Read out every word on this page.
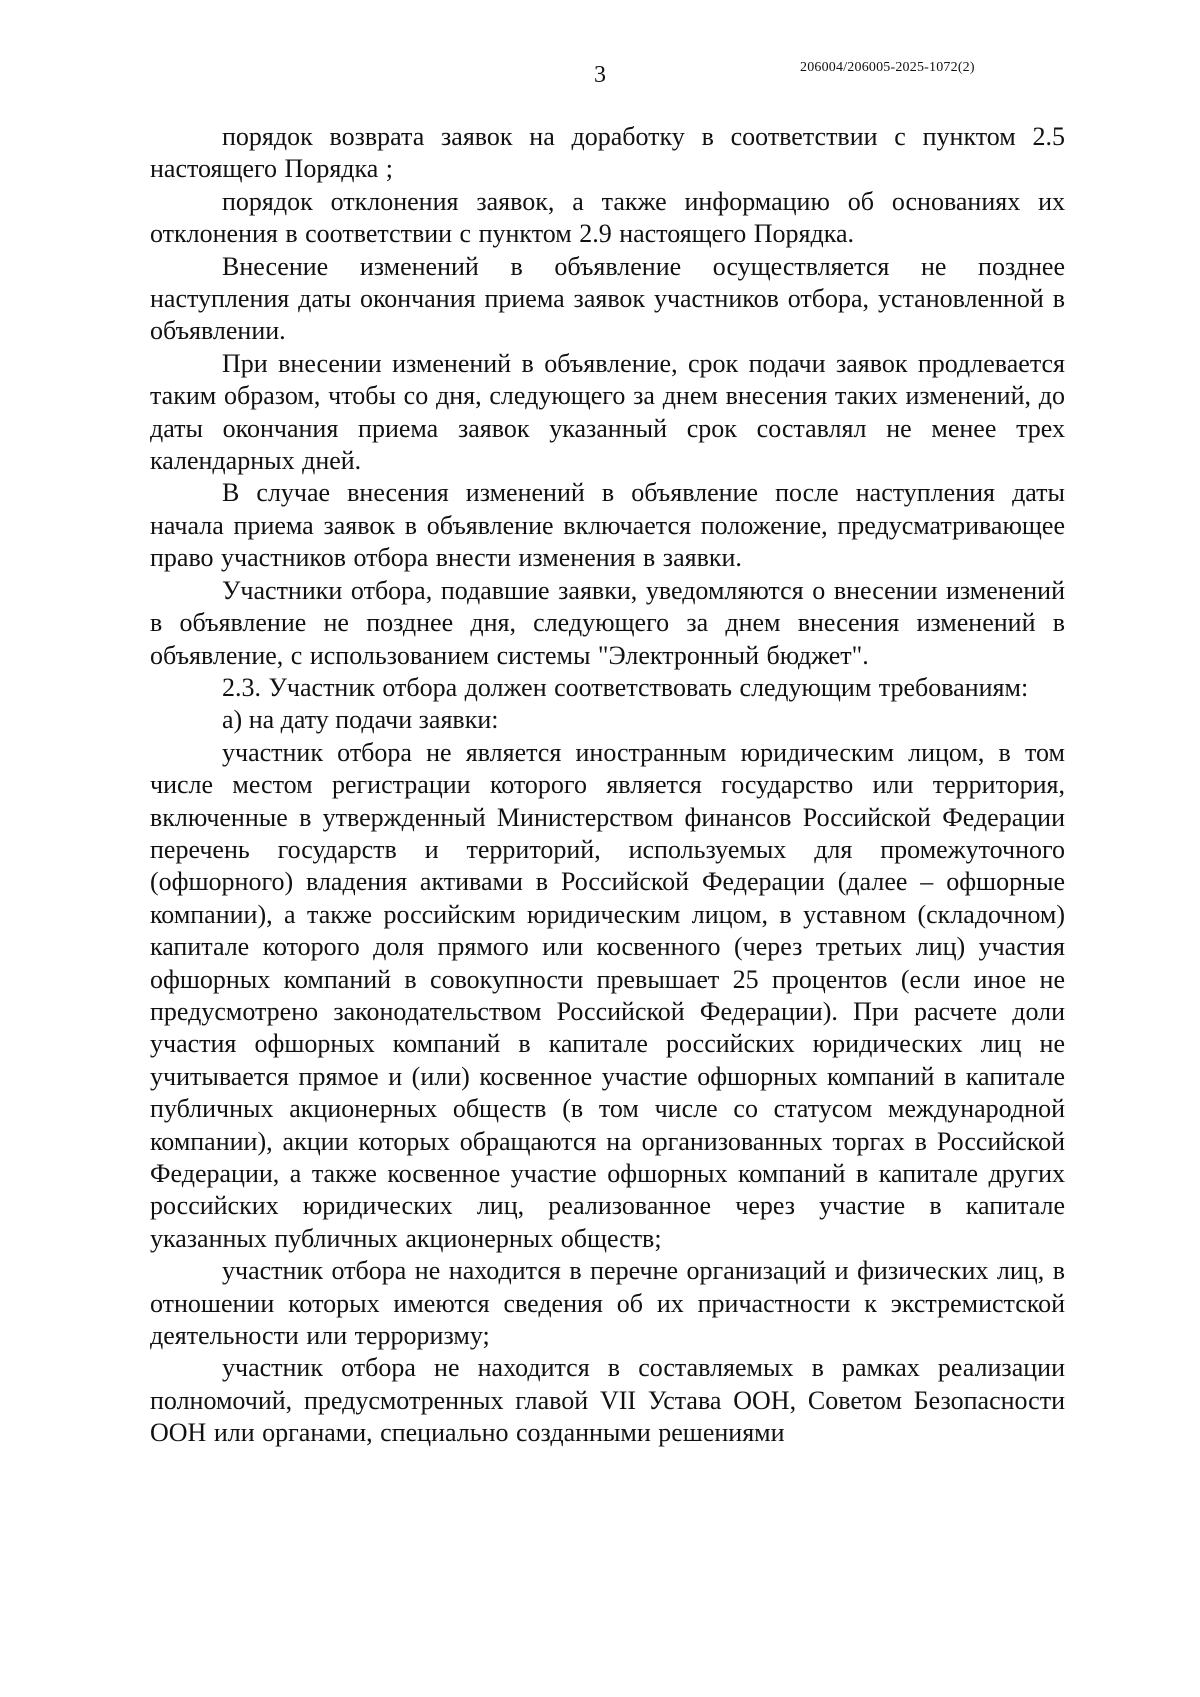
3	206004/206005-2025-1072(2)

порядок возврата заявок на доработку в соответствии с пунктом 2.5 настоящего Порядка ;

порядок отклонения заявок, а также информацию об основаниях их отклонения в соответствии с пунктом 2.9 настоящего Порядка.

Внесение изменений в объявление осуществляется не позднее наступления даты окончания приема заявок участников отбора, установленной в объявлении.

При внесении изменений в объявление, срок подачи заявок продлевается таким образом, чтобы со дня, следующего за днем внесения таких изменений, до даты окончания приема заявок указанный срок составлял не менее трех календарных дней.

В случае внесения изменений в объявление после наступления даты начала приема заявок в объявление включается положение, предусматривающее право участников отбора внести изменения в заявки.

Участники отбора, подавшие заявки, уведомляются о внесении изменений в объявление не позднее дня, следующего за днем внесения изменений в объявление, с использованием системы "Электронный бюджет".

2.3. Участник отбора должен соответствовать следующим требованиям:

а) на дату подачи заявки:

участник отбора не является иностранным юридическим лицом, в том числе местом регистрации которого является государство или территория, включенные в утвержденный Министерством финансов Российской Федерации перечень государств и территорий, используемых для промежуточного (офшорного) владения активами в Российской Федерации (далее – офшорные компании), а также российским юридическим лицом, в уставном (складочном) капитале которого доля прямого или косвенного (через третьих лиц) участия офшорных компаний в совокупности превышает 25 процентов (если иное не предусмотрено законодательством Российской Федерации). При расчете доли участия офшорных компаний в капитале российских юридических лиц не учитывается прямое и (или) косвенное участие офшорных компаний в капитале публичных акционерных обществ (в том числе со статусом международной компании), акции которых обращаются на организованных торгах в Российской Федерации, а также косвенное участие офшорных компаний в капитале других российских юридических лиц, реализованное через участие в капитале указанных публичных акционерных обществ;

участник отбора не находится в перечне организаций и физических лиц, в отношении которых имеются сведения об их причастности к экстремистской деятельности или терроризму;

участник отбора не находится в составляемых в рамках реализации полномочий, предусмотренных главой VII Устава ООН, Советом Безопасности ООН или органами, специально созданными решениями
